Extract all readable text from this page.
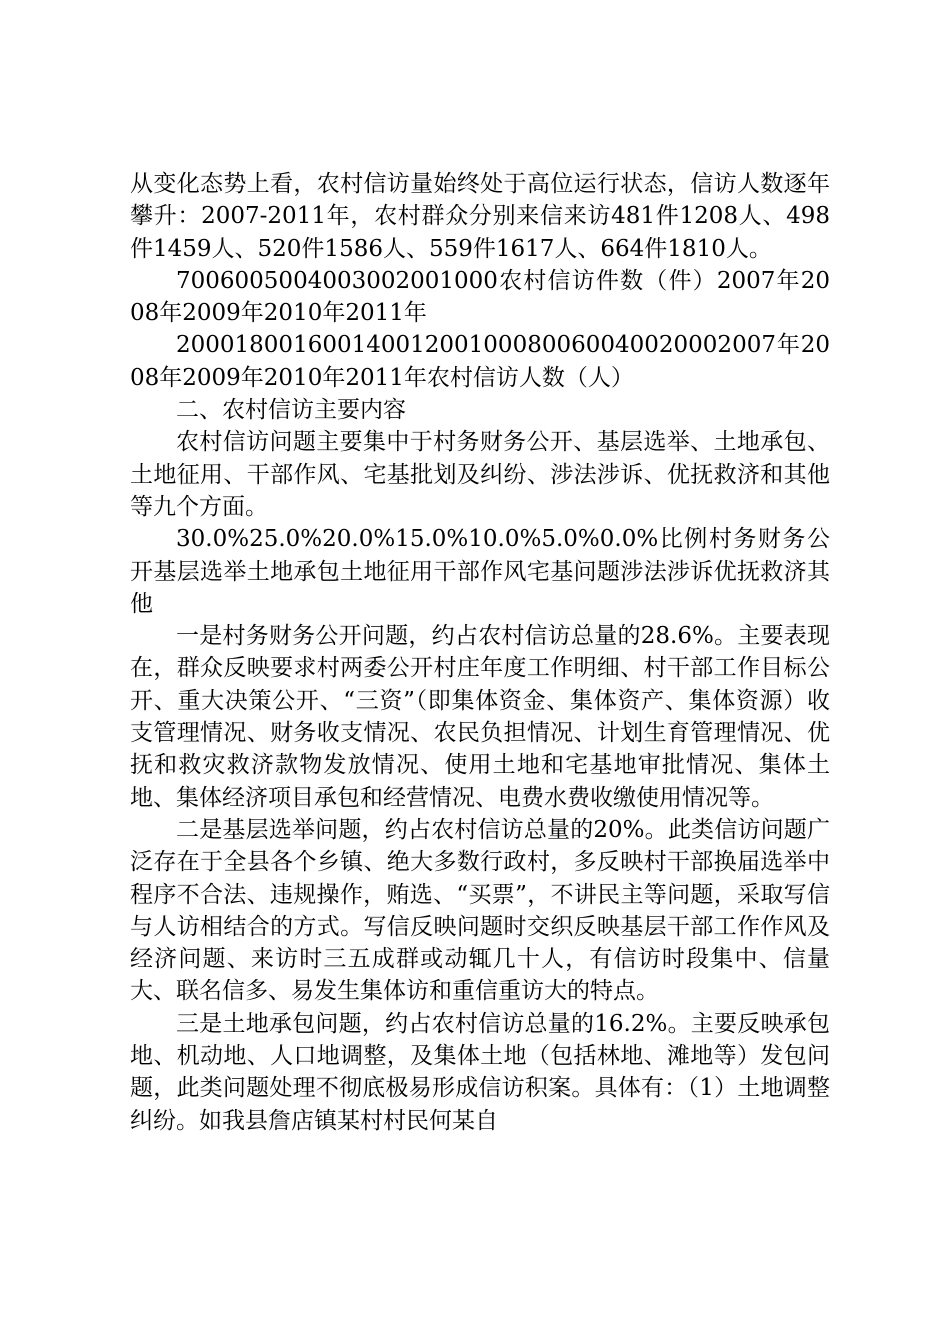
从变化态势上看，农村信访量始终处于高位运行状态，信访人数逐年攀升：2007-2011年，农村群众分别来信来访481件1208人、498件1459人、520件1586人、559件1617人、664件1810人。

7006005004003002001000农村信访件数（件）2007年2008年2009年2010年2011年

20001800160014001200100080060040020002007年2008年2009年2010年2011年农村信访人数（人）

二、农村信访主要内容

农村信访问题主要集中于村务财务公开、基层选举、土地承包、土地征用、干部作风、宅基批划及纠纷、涉法涉诉、优抚救济和其他等九个方面。

30.0%25.0%20.0%15.0%10.0%5.0%0.0%比例村务财务公开基层选举土地承包土地征用干部作风宅基问题涉法涉诉优抚救济其他

一是村务财务公开问题，约占农村信访总量的28.6%。主要表现在，群众反映要求村两委公开村庄年度工作明细、村干部工作目标公开、重大决策公开、“三资”（即集体资金、集体资产、集体资源）收支管理情况、财务收支情况、农民负担情况、计划生育管理情况、优抚和救灾救济款物发放情况、使用土地和宅基地审批情况、集体土地、集体经济项目承包和经营情况、电费水费收缴使用情况等。

二是基层选举问题，约占农村信访总量的20%。此类信访问题广泛存在于全县各个乡镇、绝大多数行政村，多反映村干部换届选举中程序不合法、违规操作，贿选、“买票”，不讲民主等问题，采取写信与人访相结合的方式。写信反映问题时交织反映基层干部工作作风及经济问题、来访时三五成群或动辄几十人，有信访时段集中、信量大、联名信多、易发生集体访和重信重访大的特点。

三是土地承包问题，约占农村信访总量的16.2%。主要反映承包地、机动地、人口地调整，及集体土地（包括林地、滩地等）发包问题，此类问题处理不彻底极易形成信访积案。具体有：（1）土地调整纠纷。如我县詹店镇某村村民何某自
